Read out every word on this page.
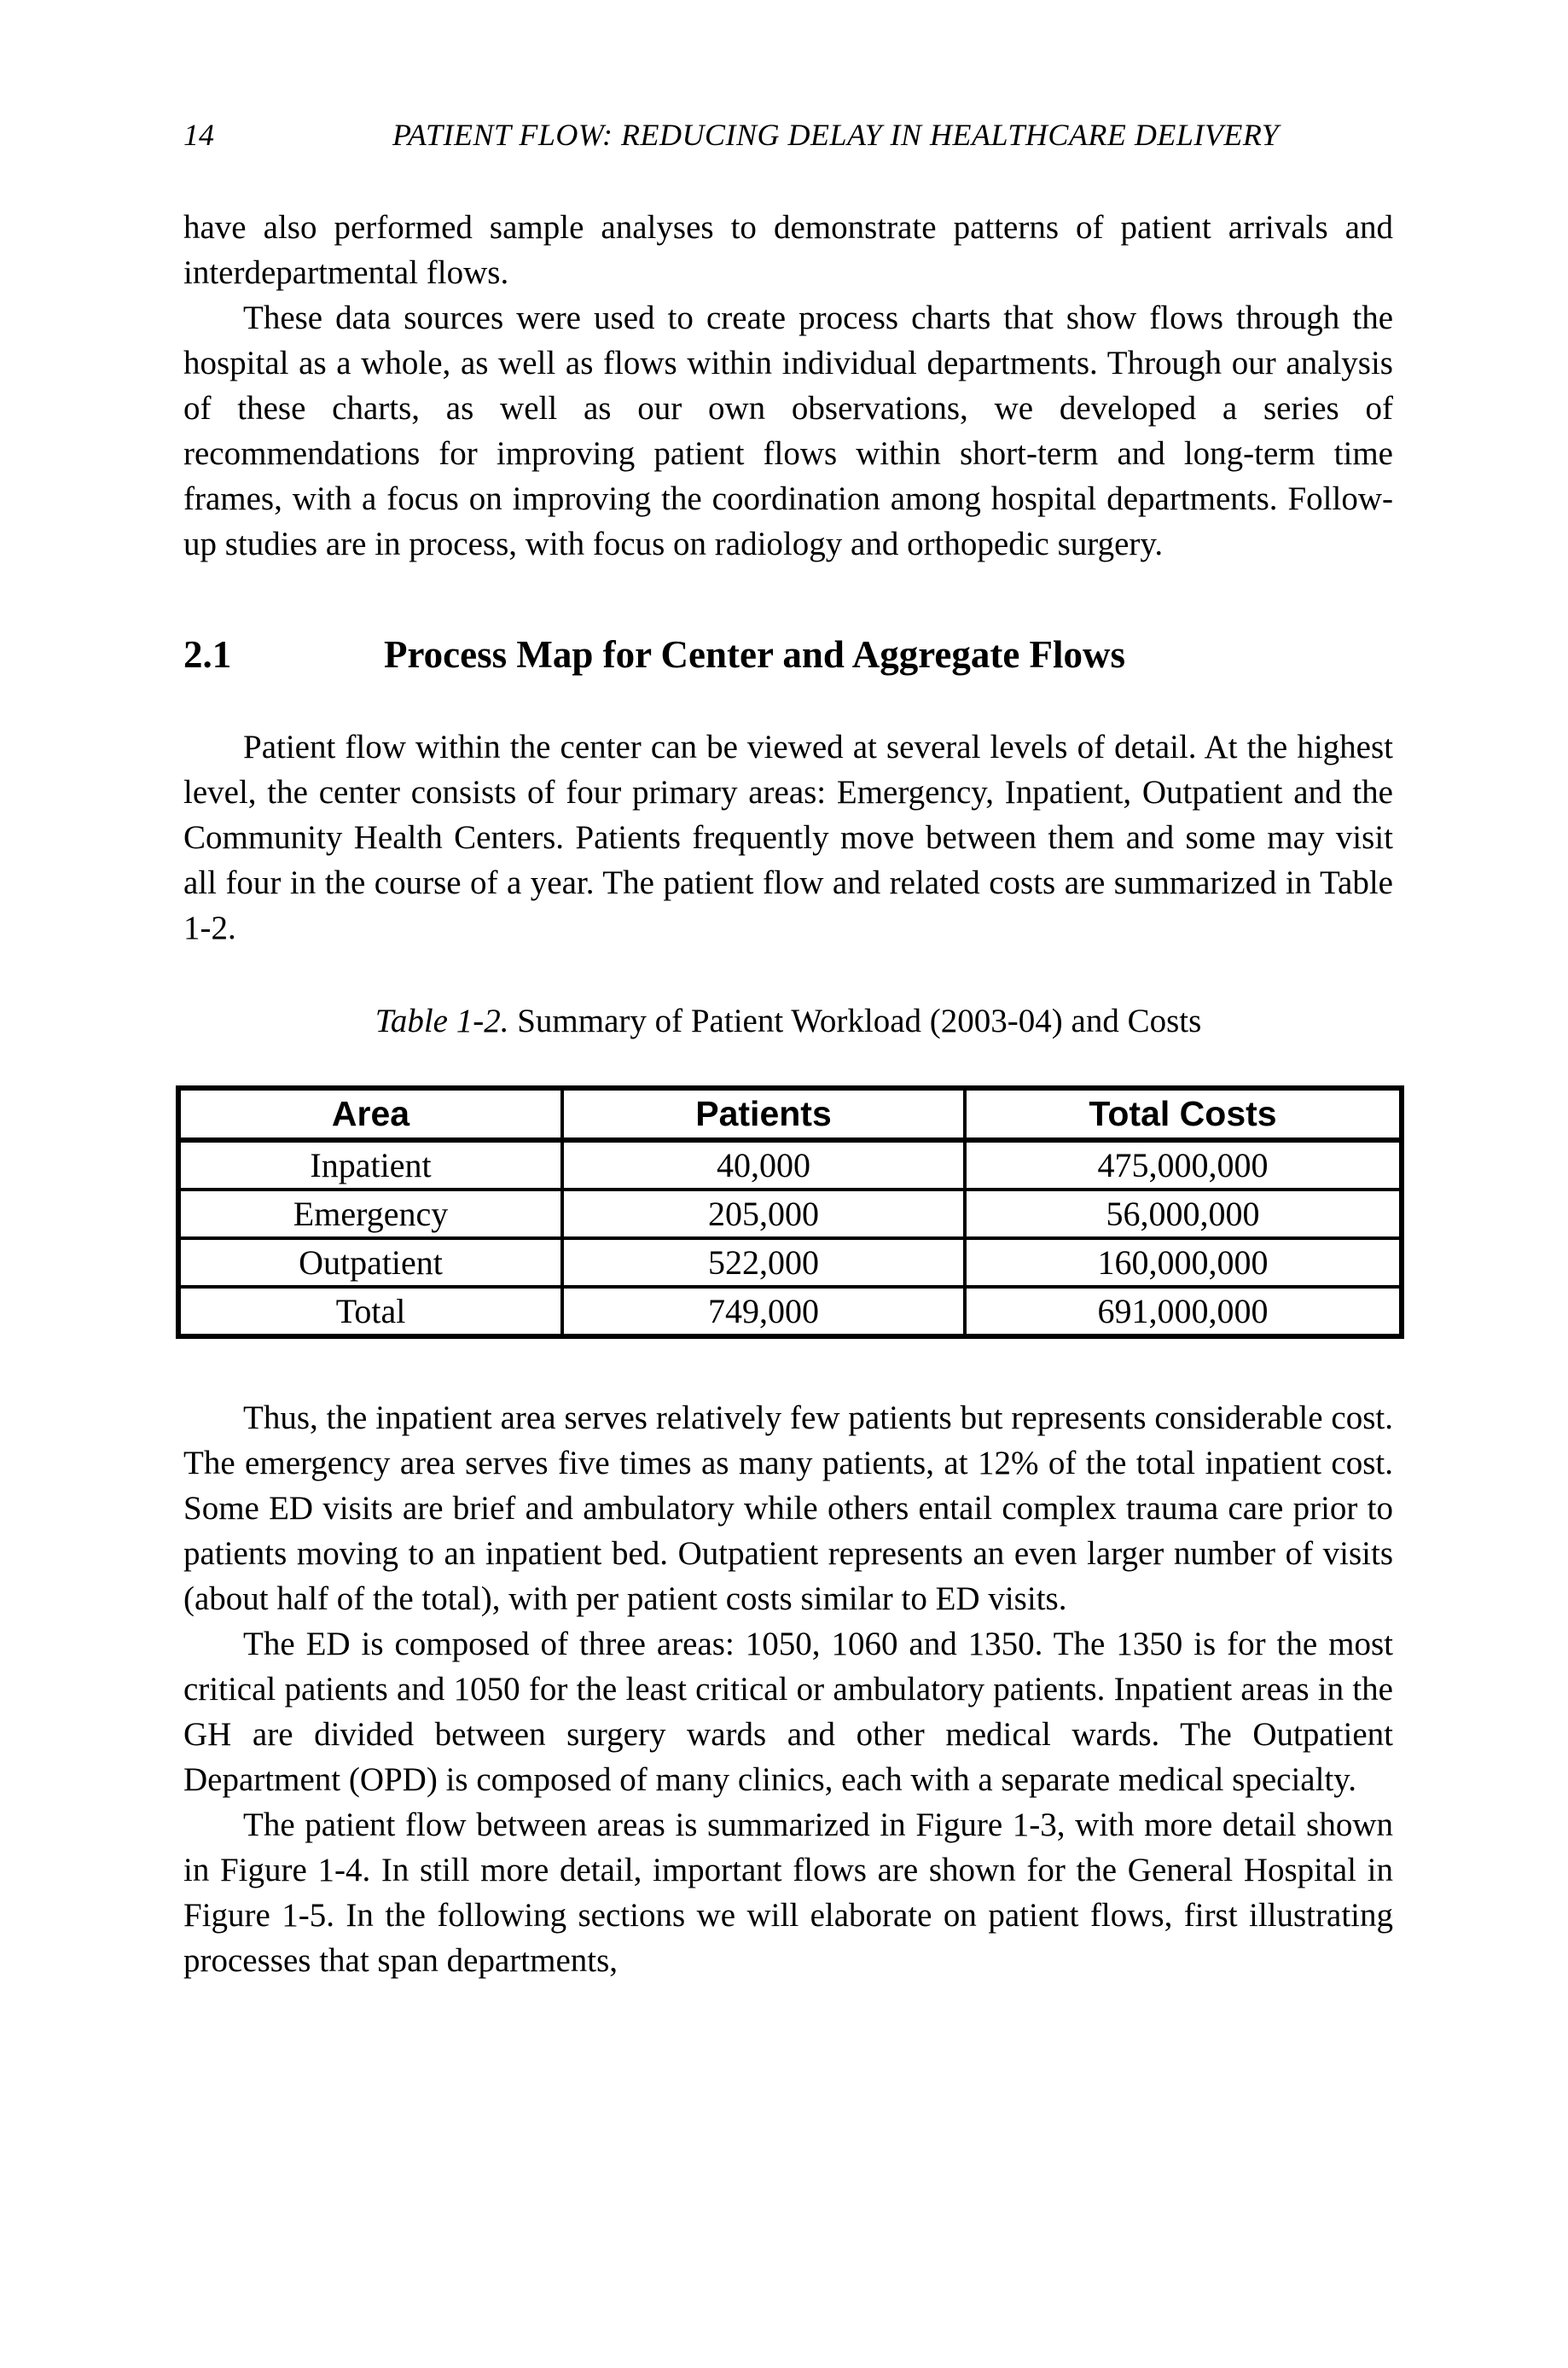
14	PATIENT FLOW: REDUCING DELAY IN HEALTHCARE DELIVERY

have also performed sample analyses to demonstrate patterns of patient arrivals and interdepartmental flows.

These data sources were used to create process charts that show flows through the hospital as a whole, as well as flows within individual departments. Through our analysis of these charts, as well as our own observations, we developed a series of recommendations for improving patient flows within short-term and long-term time frames, with a focus on improving the coordination among hospital departments. Follow-up studies are in process, with focus on radiology and orthopedic surgery.

2.1	Process Map for Center and Aggregate Flows

Patient flow within the center can be viewed at several levels of detail. At the highest level, the center consists of four primary areas: Emergency, Inpatient, Outpatient and the Community Health Centers. Patients frequently move between them and some may visit all four in the course of a year. The patient flow and related costs are summarized in Table 1-2.

Table 1-2. Summary of Patient Workload (2003-04) and Costs
Area	Patients	Total Costs
Inpatient	40,000	475,000,000
Emergency	205,000	56,000,000
Outpatient	522,000	160,000,000
Total	749,000	691,000,000

Thus, the inpatient area serves relatively few patients but represents considerable cost. The emergency area serves five times as many patients, at 12% of the total inpatient cost. Some ED visits are brief and ambulatory while others entail complex trauma care prior to patients moving to an inpatient bed. Outpatient represents an even larger number of visits (about half of the total), with per patient costs similar to ED visits.

The ED is composed of three areas: 1050, 1060 and 1350. The 1350 is for the most critical patients and 1050 for the least critical or ambulatory patients. Inpatient areas in the GH are divided between surgery wards and other medical wards. The Outpatient Department (OPD) is composed of many clinics, each with a separate medical specialty.

The patient flow between areas is summarized in Figure 1-3, with more detail shown in Figure 1-4. In still more detail, important flows are shown for the General Hospital in Figure 1-5. In the following sections we will elaborate on patient flows, first illustrating processes that span departments,
